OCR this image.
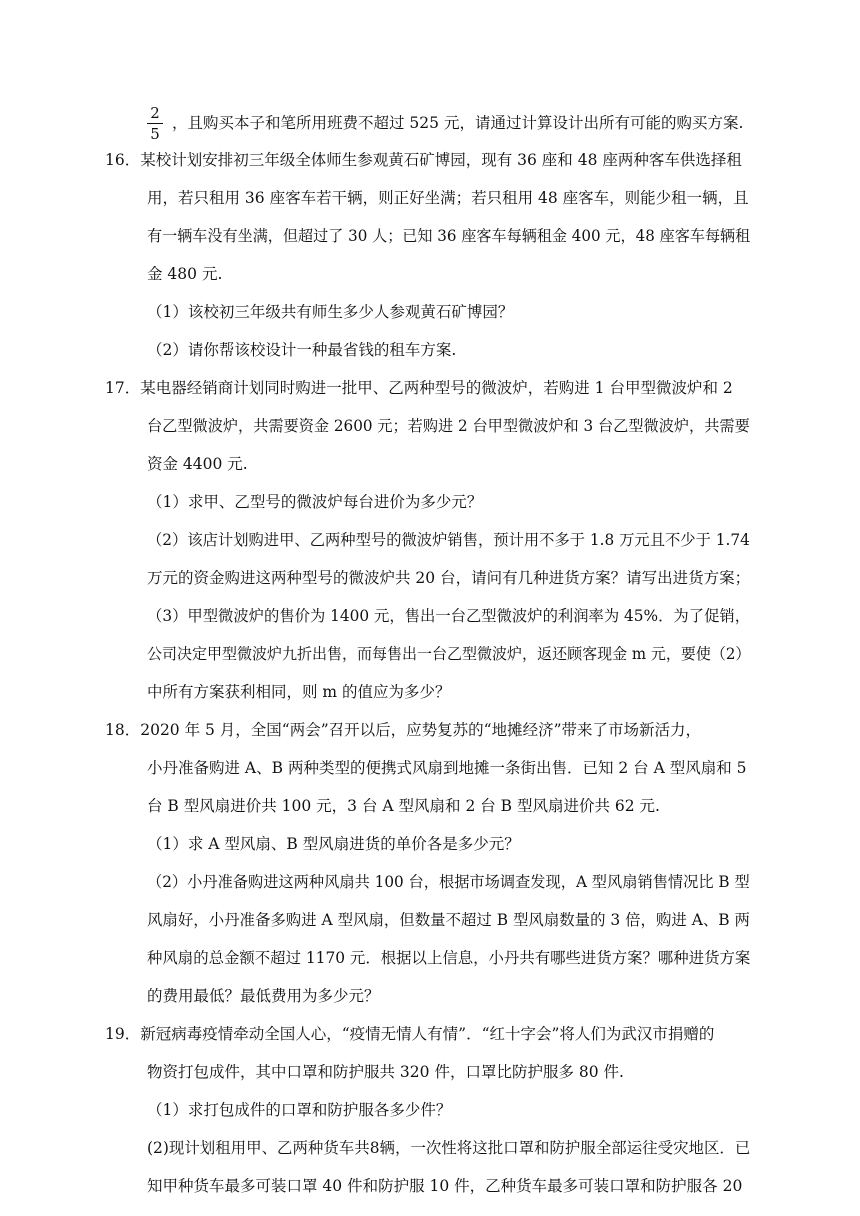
2
5
，且购买本子和笔所用班费不超过 525 元，请通过计算设计出所有可能的购买方案.
16．某校计划安排初三年级全体师生参观黄石矿博园，现有 36 座和 48 座两种客车供选择租
用，若只租用 36 座客车若干辆，则正好坐满；若只租用 48 座客车，则能少租一辆，且
有一辆车没有坐满，但超过了 30 人；已知 36 座客车每辆租金 400 元，48 座客车每辆租
金 480 元.
（1）该校初三年级共有师生多少人参观黄石矿博园？
（2）请你帮该校设计一种最省钱的租车方案.
17．某电器经销商计划同时购进一批甲、乙两种型号的微波炉，若购进 1 台甲型微波炉和 2
台乙型微波炉，共需要资金 2600 元；若购进 2 台甲型微波炉和 3 台乙型微波炉，共需要
资金 4400 元.
（1）求甲、乙型号的微波炉每台进价为多少元？
（2）该店计划购进甲、乙两种型号的微波炉销售，预计用不多于 1.8 万元且不少于 1.74
万元的资金购进这两种型号的微波炉共 20 台，请问有几种进货方案？请写出进货方案；
（3）甲型微波炉的售价为 1400 元，售出一台乙型微波炉的利润率为 45%．为了促销，
公司决定甲型微波炉九折出售，而每售出一台乙型微波炉，返还顾客现金 m 元，要使（2）
中所有方案获利相同，则 m 的值应为多少？
18．2020 年 5 月，全国“两会”召开以后，应势复苏的“地摊经济”带来了市场新活力，
小丹准备购进 A、B 两种类型的便携式风扇到地摊一条街出售．已知 2 台 A 型风扇和 5
台 B 型风扇进价共 100 元，3 台 A 型风扇和 2 台 B 型风扇进价共 62 元.
（1）求 A 型风扇、B 型风扇进货的单价各是多少元？
（2）小丹准备购进这两种风扇共 100 台，根据市场调查发现，A 型风扇销售情况比 B 型
风扇好，小丹准备多购进 A 型风扇，但数量不超过 B 型风扇数量的 3 倍，购进 A、B 两
种风扇的总金额不超过 1170 元．根据以上信息，小丹共有哪些进货方案？哪种进货方案
的费用最低？最低费用为多少元？
19．新冠病毒疫情牵动全国人心，“疫情无情人有情”．“红十字会”将人们为武汉市捐赠的
物资打包成件，其中口罩和防护服共 320 件，口罩比防护服多 80 件.
（1）求打包成件的口罩和防护服各多少件？
(2)现计划租用甲、乙两种货车共8辆，一次性将这批口罩和防护服全部运往受灾地区．已
知甲种货车最多可装口罩 40 件和防护服 10 件，乙种货车最多可装口罩和防护服各 20
